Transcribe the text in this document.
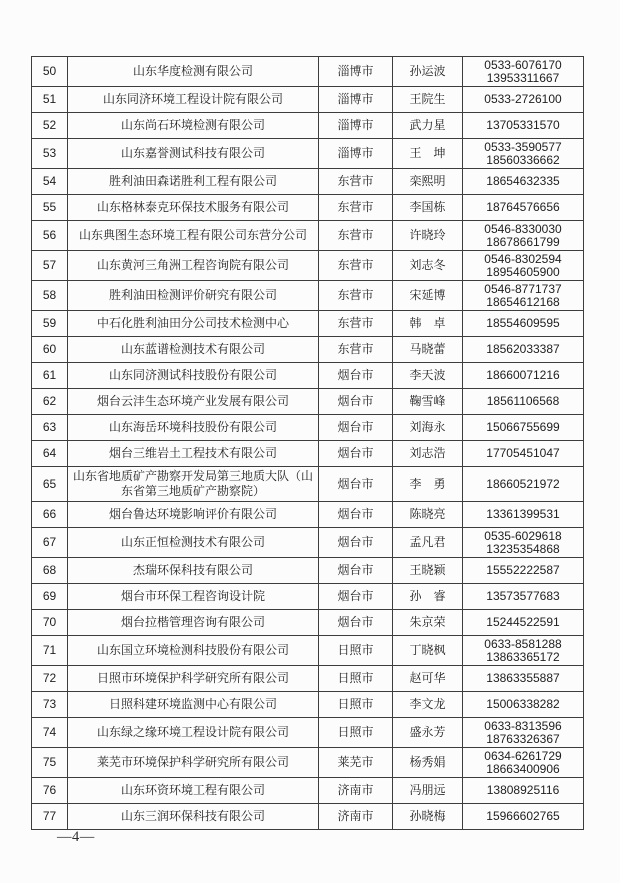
50	山东华度检测有限公司	淄博市	孙运波	0533-6076170
13953311667

51	山东同济环境工程设计院有限公司	淄博市	王院生	0533-2726100

52	山东尚石环境检测有限公司	淄博市	武力星	13705331570

53	山东嘉誉测试科技有限公司	淄博市	王　坤	0533-3590577
18560336662

54	胜利油田森诺胜利工程有限公司	东营市	栾熙明	18654632335

55	山东格林泰克环保技术服务有限公司	东营市	李国栋	18764576656

56	山东典图生态环境工程有限公司东营分公司	东营市	许晓玲	0546-8330030
18678661799

57	山东黄河三角洲工程咨询院有限公司	东营市	刘志冬	0546-8302594
18954605900

58	胜利油田检测评价研究有限公司	东营市	宋延博	0546-8771737
18654612168

59	中石化胜利油田分公司技术检测中心	东营市	韩　卓	18554609595

60	山东蓝谱检测技术有限公司	东营市	马晓蕾	18562033387

61	山东同济测试科技股份有限公司	烟台市	李天波	18660071216

62	烟台云沣生态环境产业发展有限公司	烟台市	鞠雪峰	18561106568

63	山东海岳环境科技股份有限公司	烟台市	刘海永	15066755699

64	烟台三维岩土工程技术有限公司	烟台市	刘志浩	17705451047

65	山东省地质矿产勘察开发局第三地质大队（山东省第三地质矿产勘察院）	烟台市	李　勇	18660521972

66	烟台鲁达环境影响评价有限公司	烟台市	陈晓亮	13361399531

67	山东正恒检测技术有限公司	烟台市	孟凡君	0535-6029618
13235354868

68	杰瑞环保科技有限公司	烟台市	王晓颖	15552222587

69	烟台市环保工程咨询设计院	烟台市	孙　睿	13573577683

70	烟台拉楷管理咨询有限公司	烟台市	朱京荣	15244522591

71	山东国立环境检测科技股份有限公司	日照市	丁晓枫	0633-8581288
13863365172

72	日照市环境保护科学研究所有限公司	日照市	赵可华	13863355887

73	日照科建环境监测中心有限公司	日照市	李文龙	15006338282

74	山东绿之缘环境工程设计院有限公司	日照市	盛永芳	0633-8313596
18763326367

75	莱芜市环境保护科学研究所有限公司	莱芜市	杨秀娟	0634-6261729
18663400906

76	山东环资环境工程有限公司	济南市	冯朋远	13808925116

77	山东三润环保科技有限公司	济南市	孙晓梅	15966602765
—4—
